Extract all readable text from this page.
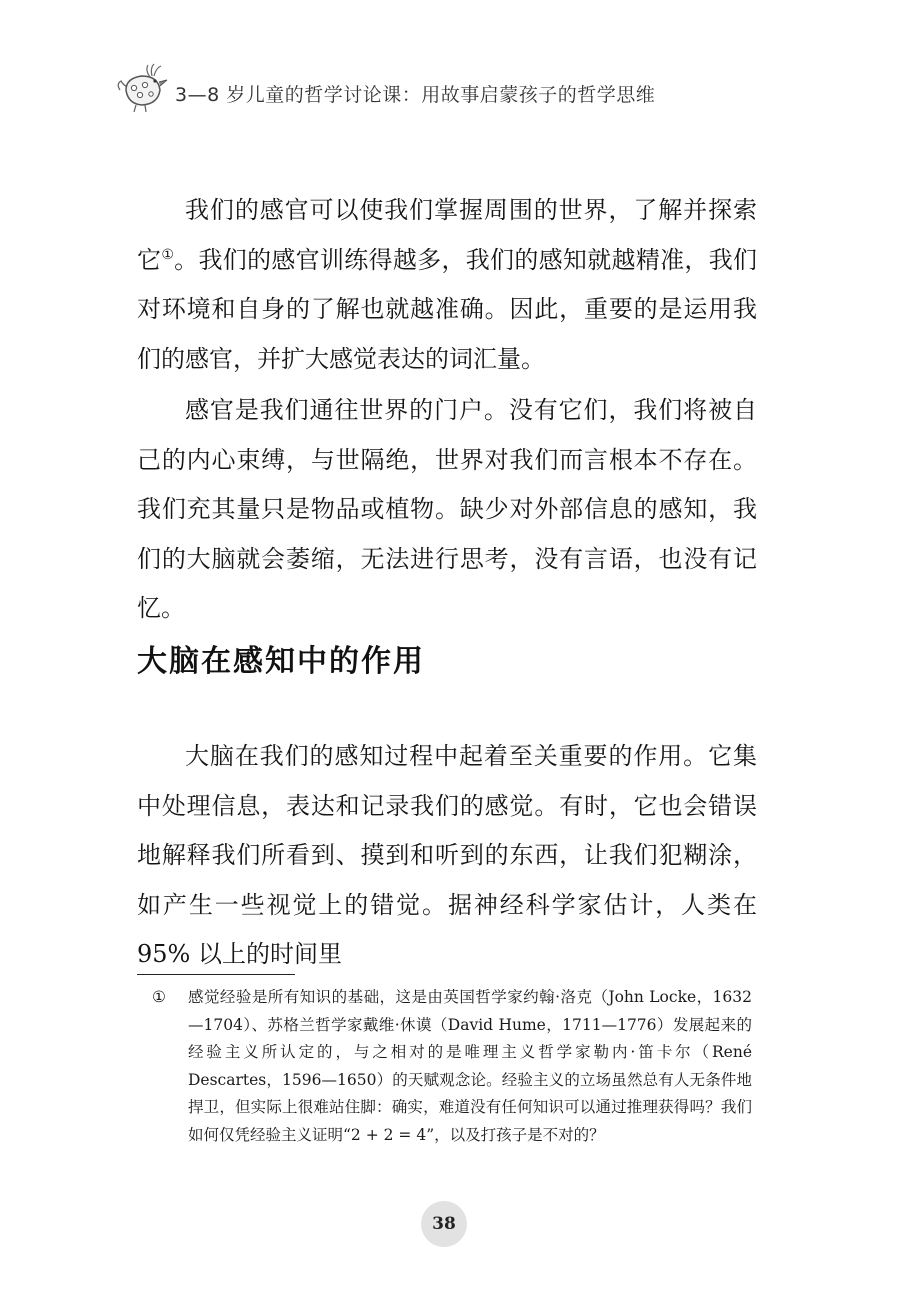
3—8 岁儿童的哲学讨论课：用故事启蒙孩子的哲学思维

我们的感官可以使我们掌握周围的世界，了解并探索它①。我们的感官训练得越多，我们的感知就越精准，我们对环境和自身的了解也就越准确。因此，重要的是运用我们的感官，并扩大感觉表达的词汇量。

感官是我们通往世界的门户。没有它们，我们将被自己的内心束缚，与世隔绝，世界对我们而言根本不存在。我们充其量只是物品或植物。缺少对外部信息的感知，我们的大脑就会萎缩，无法进行思考，没有言语，也没有记忆。

大脑在感知中的作用

大脑在我们的感知过程中起着至关重要的作用。它集中处理信息，表达和记录我们的感觉。有时，它也会错误地解释我们所看到、摸到和听到的东西，让我们犯糊涂，如产生一些视觉上的错觉。据神经科学家估计，人类在 95% 以上的时间里

① 感觉经验是所有知识的基础，这是由英国哲学家约翰·洛克（John Locke，1632—1704）、苏格兰哲学家戴维·休谟（David Hume，1711—1776）发展起来的经验主义所认定的，与之相对的是唯理主义哲学家勒内·笛卡尔（René Descartes，1596—1650）的天赋观念论。经验主义的立场虽然总有人无条件地捍卫，但实际上很难站住脚：确实，难道没有任何知识可以通过推理获得吗？我们如何仅凭经验主义证明“2 + 2 = 4”，以及打孩子是不对的？

38
